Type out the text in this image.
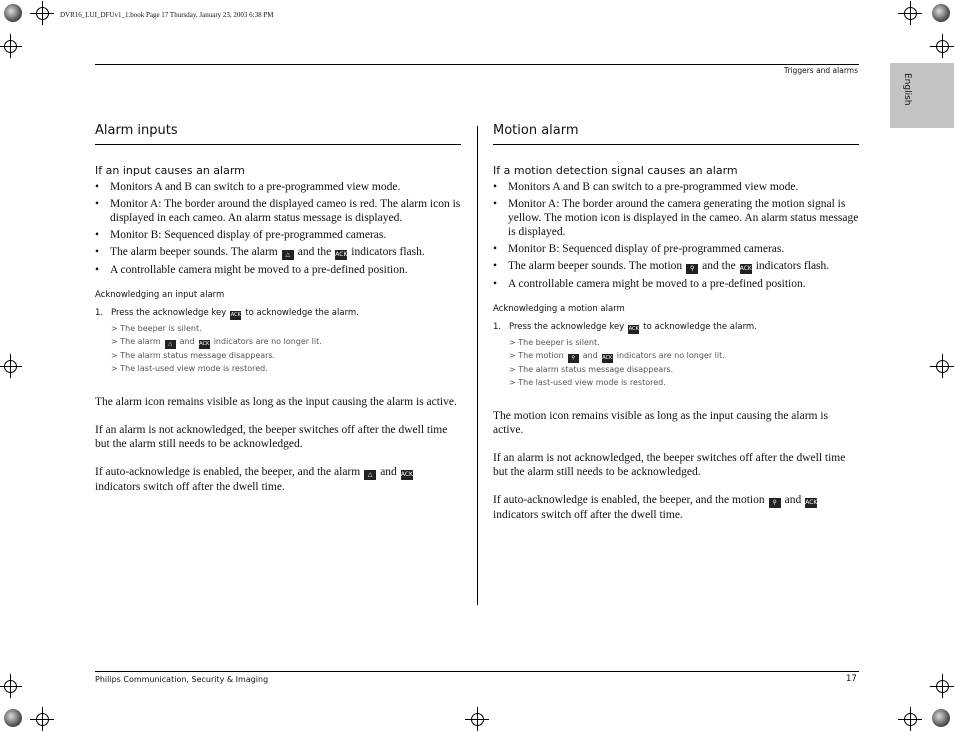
DVR16_LUI_DFUv1_1.book Page 17 Thursday, January 23, 2003 6:38 PM
Triggers and alarms
English
Alarm inputs
If an input causes an alarm
• Monitors A and B can switch to a pre-programmed view mode.
• Monitor A: The border around the displayed cameo is red. The alarm icon is displayed in each cameo. An alarm status message is displayed.
• Monitor B: Sequenced display of pre-programmed cameras.
• The alarm beeper sounds. The alarm △ and the ACK indicators flash.
• A controllable camera might be moved to a pre-defined position.
Acknowledging an input alarm
1. Press the acknowledge key ACK to acknowledge the alarm.
> The beeper is silent.
> The alarm △ and ACK indicators are no longer lit.
> The alarm status message disappears.
> The last-used view mode is restored.
The alarm icon remains visible as long as the input causing the alarm is active.
If an alarm is not acknowledged, the beeper switches off after the dwell time but the alarm still needs to be acknowledged.
If auto-acknowledge is enabled, the beeper, and the alarm △ and ACKindicators switch off after the dwell time.
Motion alarm
If a motion detection signal causes an alarm
• Monitors A and B can switch to a pre-programmed view mode.
• Monitor A: The border around the camera generating the motion signal is yellow. The motion icon is displayed in the cameo. An alarm status message is displayed.
• Monitor B: Sequenced display of pre-programmed cameras.
• The alarm beeper sounds. The motion ⚲ and the ACK indicators flash.
• A controllable camera might be moved to a pre-defined position.
Acknowledging a motion alarm
1. Press the acknowledge key ACK to acknowledge the alarm.
> The beeper is silent.
> The motion ⚲ and ACK indicators are no longer lit.
> The alarm status message disappears.
> The last-used view mode is restored.
The motion icon remains visible as long as the input causing the alarm is active.
If an alarm is not acknowledged, the beeper switches off after the dwell time but the alarm still needs to be acknowledged.
If auto-acknowledge is enabled, the beeper, and the motion ⚲ and ACKindicators switch off after the dwell time.
Philips Communication, Security & Imaging	17
